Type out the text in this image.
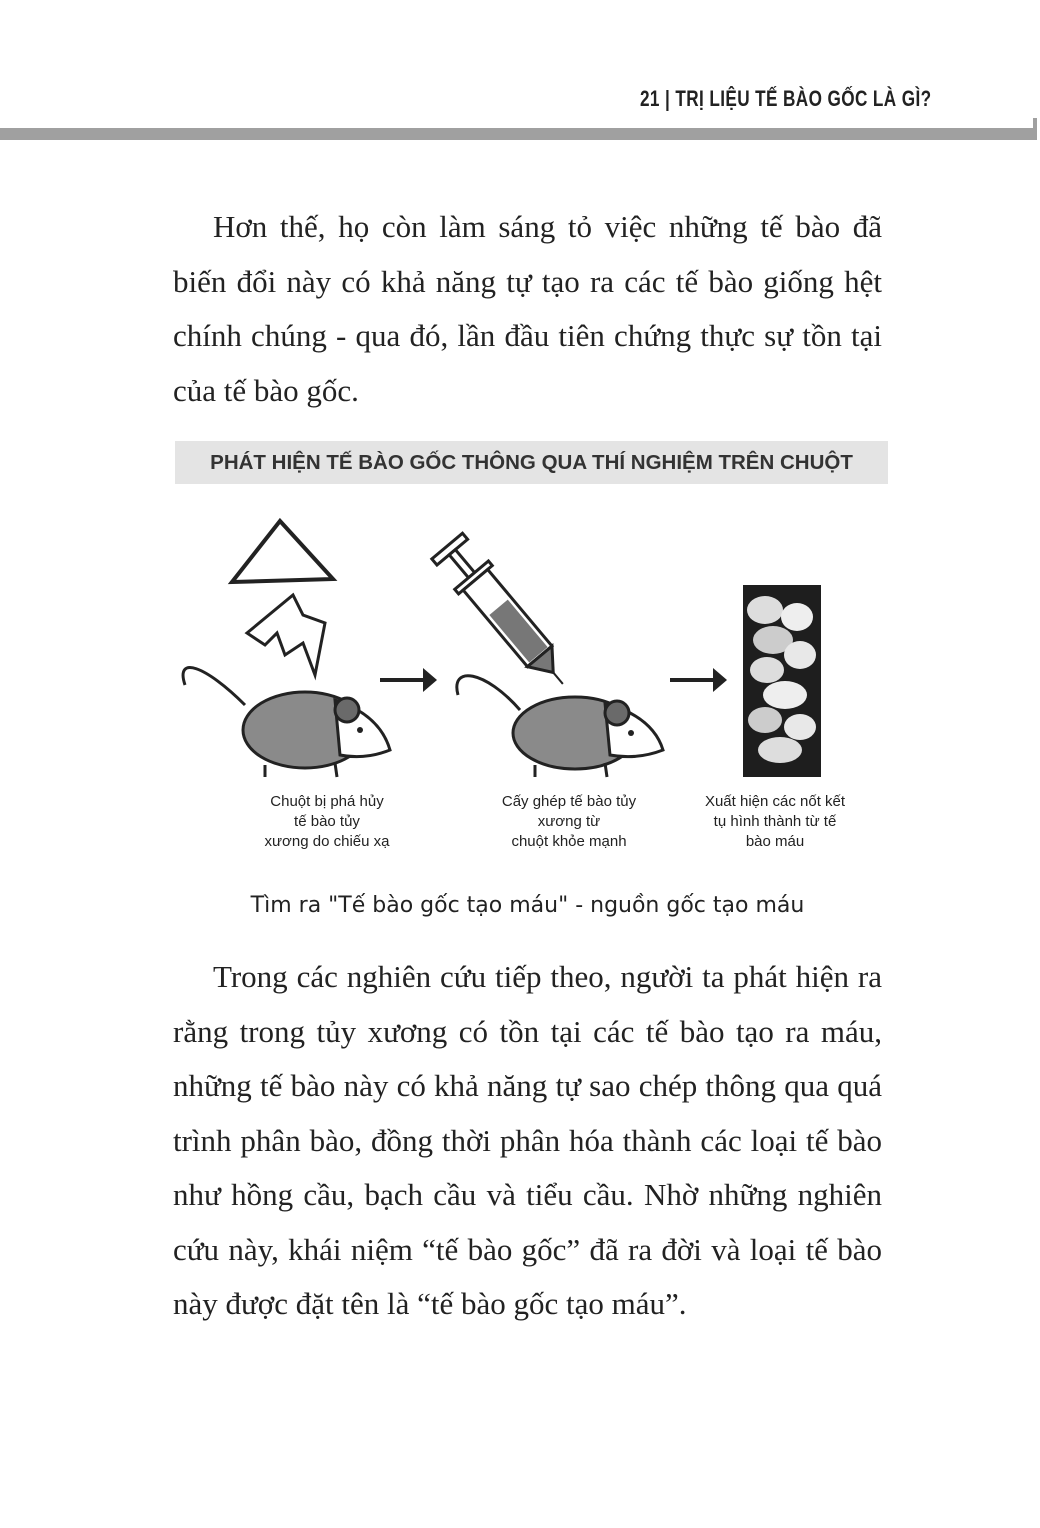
21 | TRỊ LIỆU TẾ BÀO GỐC LÀ GÌ?

Hơn thế, họ còn làm sáng tỏ việc những tế bào đã biến đổi này có khả năng tự tạo ra các tế bào giống hệt chính chúng - qua đó, lần đầu tiên chứng thực sự tồn tại của tế bào gốc.

PHÁT HIỆN TẾ BÀO GỐC THÔNG QUA THÍ NGHIỆM TRÊN CHUỘT
Chuột bị phá hủy
tế bào tủy
xương do chiếu xạ
Cấy ghép tế bào tủy
xương từ
chuột khỏe mạnh
Xuất hiện các nốt kết
tụ hình thành từ tế
bào máu
Tìm ra "Tế bào gốc tạo máu" - nguồn gốc tạo máu

Trong các nghiên cứu tiếp theo, người ta phát hiện ra rằng trong tủy xương có tồn tại các tế bào tạo ra máu, những tế bào này có khả năng tự sao chép thông qua quá trình phân bào, đồng thời phân hóa thành các loại tế bào như hồng cầu, bạch cầu và tiểu cầu. Nhờ những nghiên cứu này, khái niệm “tế bào gốc” đã ra đời và loại tế bào này được đặt tên là “tế bào gốc tạo máu”.
